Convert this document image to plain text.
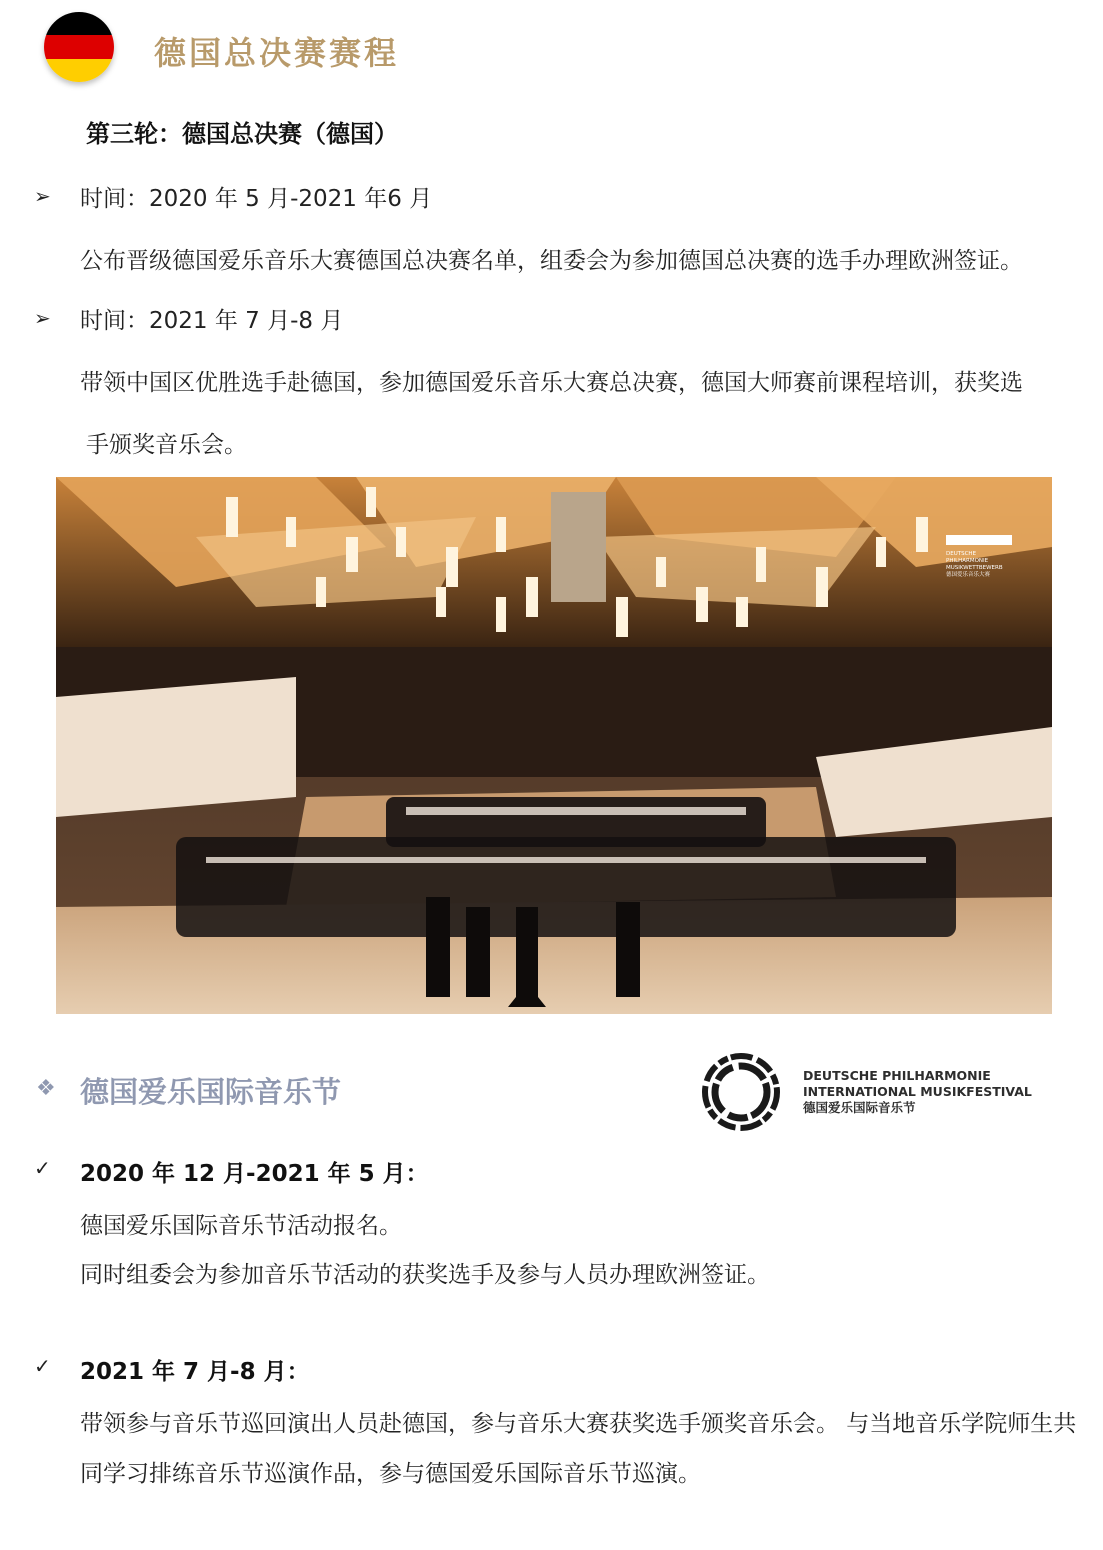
德国总决赛赛程
第三轮：德国总决赛（德国）
➢ 时间：2020 年 5 月-2021 年6 月
公布晋级德国爱乐音乐大赛德国总决赛名单，组委会为参加德国总决赛的选手办理欧洲签证。
➢ 时间：2021 年 7 月-8 月
带领中国区优胜选手赴德国，参加德国爱乐音乐大赛总决赛，德国大师赛前课程培训，获奖选
手颁奖音乐会。
DEUTSCHE
PHILHARMONIE
MUSIKWETTBEWERB
德国爱乐音乐大赛
❖ 德国爱乐国际音乐节	DEUTSCHE PHILHARMONIE
INTERNATIONAL MUSIKFESTIVAL
德国爱乐国际音乐节
✓ 2020 年 12 月-2021 年 5 月：
德国爱乐国际音乐节活动报名。
同时组委会为参加音乐节活动的获奖选手及参与人员办理欧洲签证。
✓ 2021 年 7 月-8 月：
带领参与音乐节巡回演出人员赴德国，参与音乐大赛获奖选手颁奖音乐会。 与当地音乐学院师生共
同学习排练音乐节巡演作品，参与德国爱乐国际音乐节巡演。
